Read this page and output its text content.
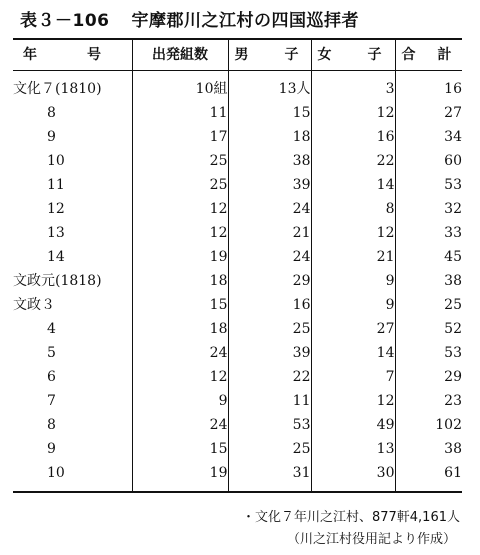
表３－106 宇摩郡川之江村の四国巡拝者
年 号	出発組数	男 子	女 子	合 計
文化７(1810)	10組	13人	3	16
8	11	15	12	27
9	17	18	16	34
10	25	38	22	60
11	25	39	14	53
12	12	24	8	32
13	12	21	12	33
14	19	24	21	45
文政元(1818)	18	29	9	38
文政３	15	16	9	25
4	18	25	27	52
5	24	39	14	53
6	12	22	7	29
7	9	11	12	23
8	24	53	49	102
9	15	25	13	38
10	19	31	30	61
・文化７年川之江村、877軒4,161人
（川之江村役用記より作成）
